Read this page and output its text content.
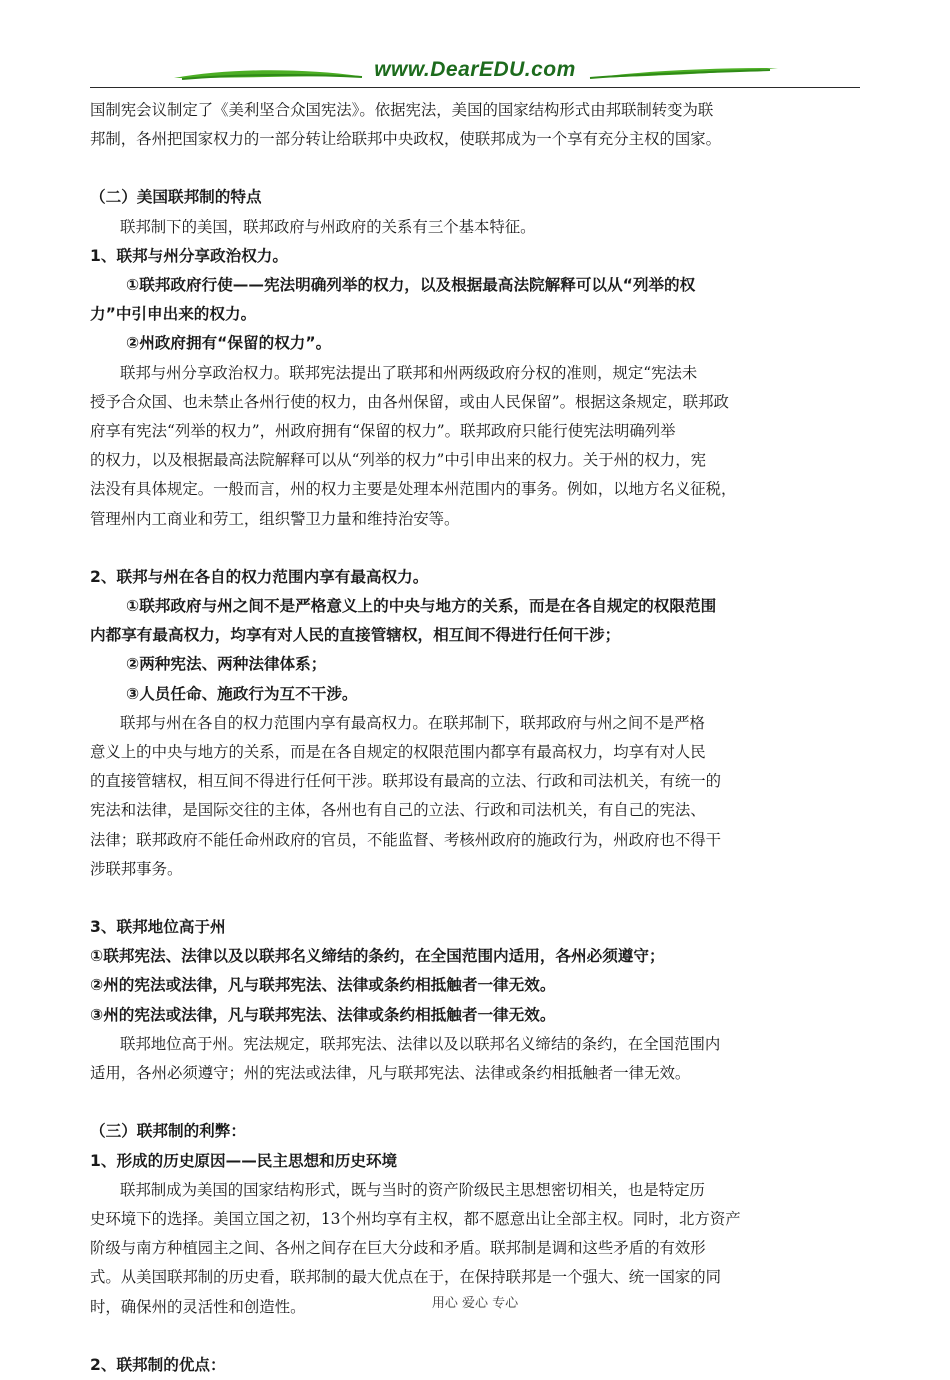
www.DearEDU.com

国制宪会议制定了《美利坚合众国宪法》。依据宪法，美国的国家结构形式由邦联制转变为联

邦制，各州把国家权力的一部分转让给联邦中央政权，使联邦成为一个享有充分主权的国家。

（二）美国联邦制的特点

联邦制下的美国，联邦政府与州政府的关系有三个基本特征。

1、联邦与州分享政治权力。

①联邦政府行使——宪法明确列举的权力，以及根据最高法院解释可以从“列举的权

力”中引申出来的权力。

②州政府拥有“保留的权力”。

联邦与州分享政治权力。联邦宪法提出了联邦和州两级政府分权的准则，规定“宪法未

授予合众国、也未禁止各州行使的权力，由各州保留，或由人民保留”。根据这条规定，联邦政

府享有宪法“列举的权力”，州政府拥有“保留的权力”。联邦政府只能行使宪法明确列举

的权力，以及根据最高法院解释可以从“列举的权力”中引申出来的权力。关于州的权力，宪

法没有具体规定。一般而言，州的权力主要是处理本州范围内的事务。例如，以地方名义征税，

管理州内工商业和劳工，组织警卫力量和维持治安等。

2、联邦与州在各自的权力范围内享有最高权力。

①联邦政府与州之间不是严格意义上的中央与地方的关系，而是在各自规定的权限范围

内都享有最高权力，均享有对人民的直接管辖权，相互间不得进行任何干涉；

②两种宪法、两种法律体系；

③人员任命、施政行为互不干涉。

联邦与州在各自的权力范围内享有最高权力。在联邦制下，联邦政府与州之间不是严格

意义上的中央与地方的关系，而是在各自规定的权限范围内都享有最高权力，均享有对人民

的直接管辖权，相互间不得进行任何干涉。联邦设有最高的立法、行政和司法机关，有统一的

宪法和法律，是国际交往的主体，各州也有自己的立法、行政和司法机关，有自己的宪法、

法律；联邦政府不能任命州政府的官员，不能监督、考核州政府的施政行为，州政府也不得干

涉联邦事务。

3、联邦地位高于州

①联邦宪法、法律以及以联邦名义缔结的条约，在全国范围内适用，各州必须遵守；

②州的宪法或法律，凡与联邦宪法、法律或条约相抵触者一律无效。

③州的宪法或法律，凡与联邦宪法、法律或条约相抵触者一律无效。

联邦地位高于州。宪法规定，联邦宪法、法律以及以联邦名义缔结的条约，在全国范围内

适用，各州必须遵守；州的宪法或法律，凡与联邦宪法、法律或条约相抵触者一律无效。

（三）联邦制的利弊：

1、形成的历史原因——民主思想和历史环境

联邦制成为美国的国家结构形式，既与当时的资产阶级民主思想密切相关，也是特定历

史环境下的选择。美国立国之初，13个州均享有主权，都不愿意出让全部主权。同时，北方资产

阶级与南方种植园主之间、各州之间存在巨大分歧和矛盾。联邦制是调和这些矛盾的有效形

式。从美国联邦制的历史看，联邦制的最大优点在于，在保持联邦是一个强大、统一国家的同

时，确保州的灵活性和创造性。

2、联邦制的优点：

用心 爱心 专心
